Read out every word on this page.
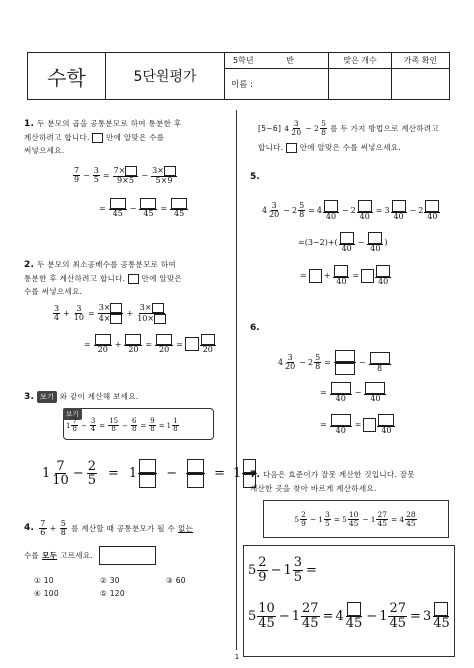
수학	5단원평가	5학년 반	맞은 개수	가족 확인
		이름 :		
1. 두 분모의 곱을 공통분모로 하여 통분한 후
계산하려고 합니다. 안에 알맞은 수를
써넣으세요.
$\frac{7}{9} - \frac{3}{5} = \frac{7\times}{9\times 5} - \frac{3\times}{5\times 9}$
=
45
−
45
=
45
2. 두 분모의 최소공배수를 공통분모로 하여
통분한 후 계산하려고 합니다. 안에 알맞은
수를 써넣으세요.
$\frac{3}{4} + \frac{3}{10} = \frac{3\times}{4\times} + \frac{3\times}{10\times}$
=
20
+
20
=
20
=
20
3. 보기 와 같이 계산해 보세요.
보기
$1 \frac{7}{8} - \frac{3}{4} = \frac{15}{8} - \frac{6}{8} = \frac{9}{8} = 1 \frac{1}{8}$
$1 \frac{7}{10} - \frac{2}{5} = 1$ −	= 1
4. $\frac{7}{6} + \frac{5}{8}$ 를 계산할 때 공통분모가 될 수 없는
수를 모두 고르세요.
① 10	② 30	③ 60
④ 100	⑤ 120
[5~6] $4 \frac{3}{20} - 2 \frac{5}{8}$ 를 두 가지 방법으로 계산하려고
합니다. 안에 알맞은 수를 써넣으세요.
5.
$4 \frac{3}{20} - 2 \frac{5}{8} = 4$
40
− 2
40
= 3
40
− 2
40
=(3−2)+(
40
−
40
)
= +
40
=
40
6.
$4 \frac{3}{20} - 2 \frac{5}{8}$ =	−
8
=
40
−
40
=
40
=
40
7. 다음은 효준이가 잘못 계산한 것입니다. 잘못
계산한 곳을 찾아 바르게 계산하세요.
$5 \frac{2}{9} - 1 \frac{3}{5} = 5 \frac{10}{45} - 1 \frac{27}{45} = 4 \frac{28}{45}$
$5 \frac{2}{9} - 1 \frac{3}{5}$ =
$5 \frac{10}{45} - 1 \frac{27}{45} = 4$ $45 - 1 \frac{27}{45} = 3$ 45
1
